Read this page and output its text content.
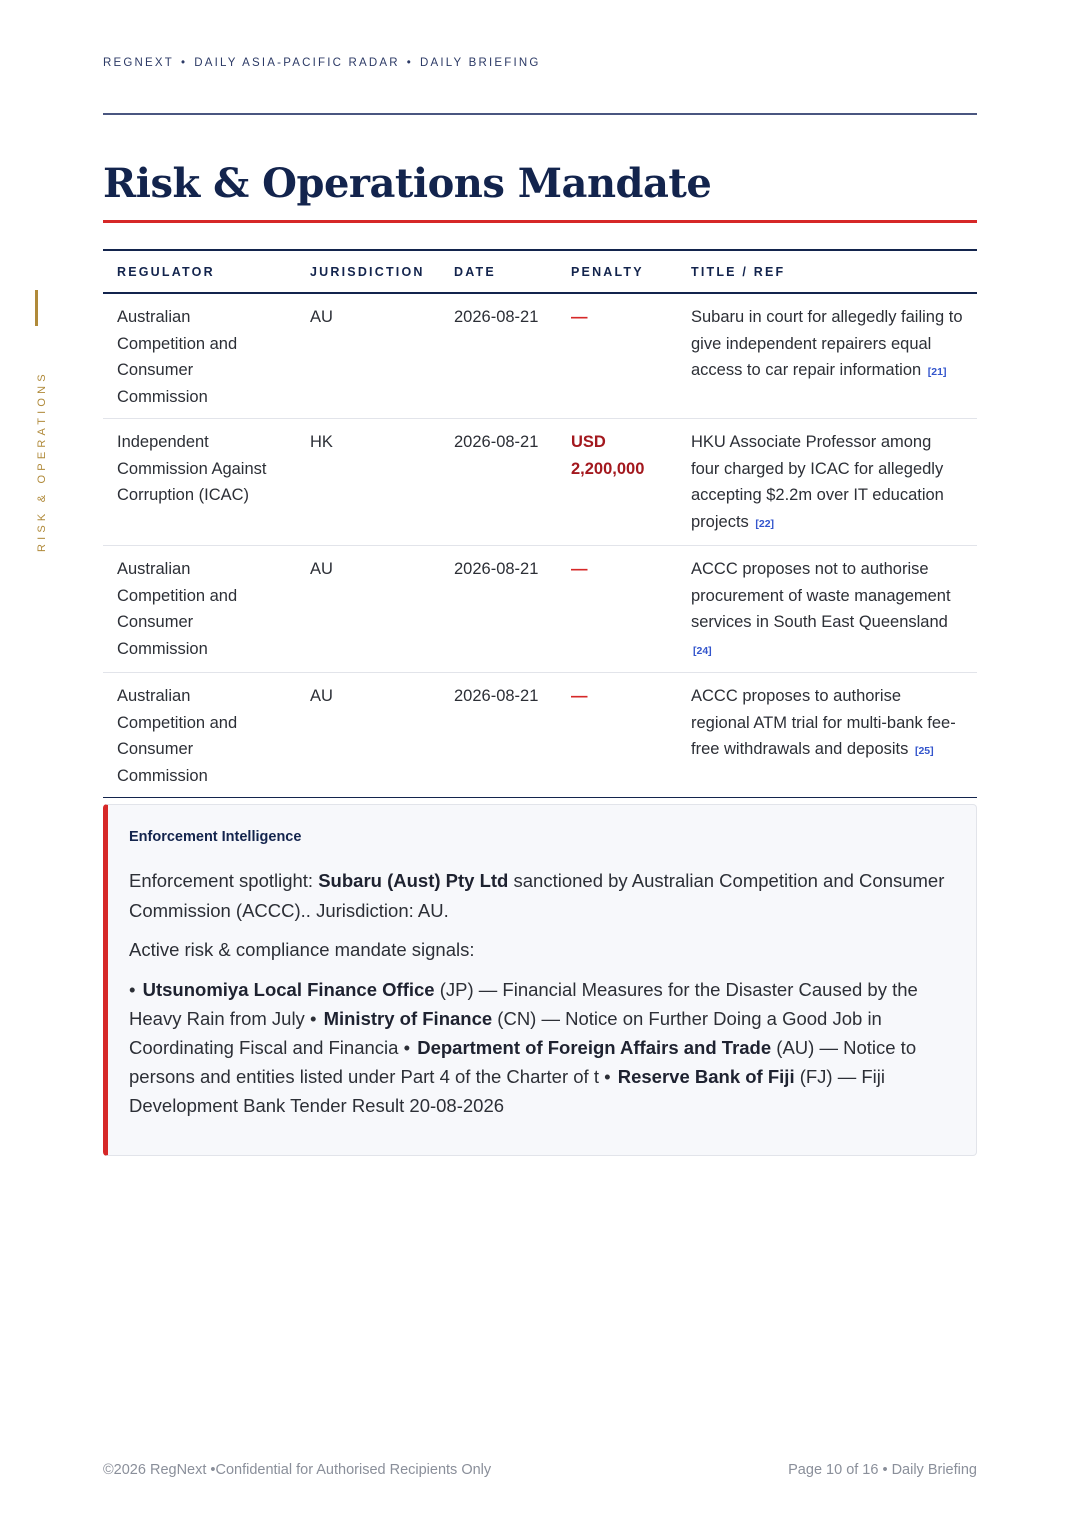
REGNEXT • DAILY ASIA-PACIFIC RADAR • DAILY BRIEFING
RISK & OPERATIONS
Risk & Operations Mandate
REGULATOR	JURISDICTION	DATE	PENALTY	TITLE / REF
Australian Competition and Consumer Commission	AU	2026-08-21	—	Subaru in court for allegedly failing to give independent repairers equal access to car repair information [21]
Independent Commission Against Corruption (ICAC)	HK	2026-08-21	USD 2,200,000	HKU Associate Professor among four charged by ICAC for allegedly accepting $2.2m over IT education projects [22]
Australian Competition and Consumer Commission	AU	2026-08-21	—	ACCC proposes not to authorise procurement of waste management services in South East Queensland [24]
Australian Competition and Consumer Commission	AU	2026-08-21	—	ACCC proposes to authorise regional ATM trial for multi-bank fee-free withdrawals and deposits [25]
Enforcement Intelligence

Enforcement spotlight: Subaru (Aust) Pty Ltd sanctioned by Australian Competition and Consumer Commission (ACCC).. Jurisdiction: AU.

Active risk & compliance mandate signals:

• Utsunomiya Local Finance Office (JP) — Financial Measures for the Disaster Caused by the Heavy Rain from July • Ministry of Finance (CN) — Notice on Further Doing a Good Job in Coordinating Fiscal and Financia • Department of Foreign Affairs and Trade (AU) — Notice to persons and entities listed under Part 4 of the Charter of t • Reserve Bank of Fiji (FJ) — Fiji Development Bank Tender Result 20-08-2026

©2026 RegNext •Confidential for Authorised Recipients Only	Page 10 of 16 • Daily Briefing
